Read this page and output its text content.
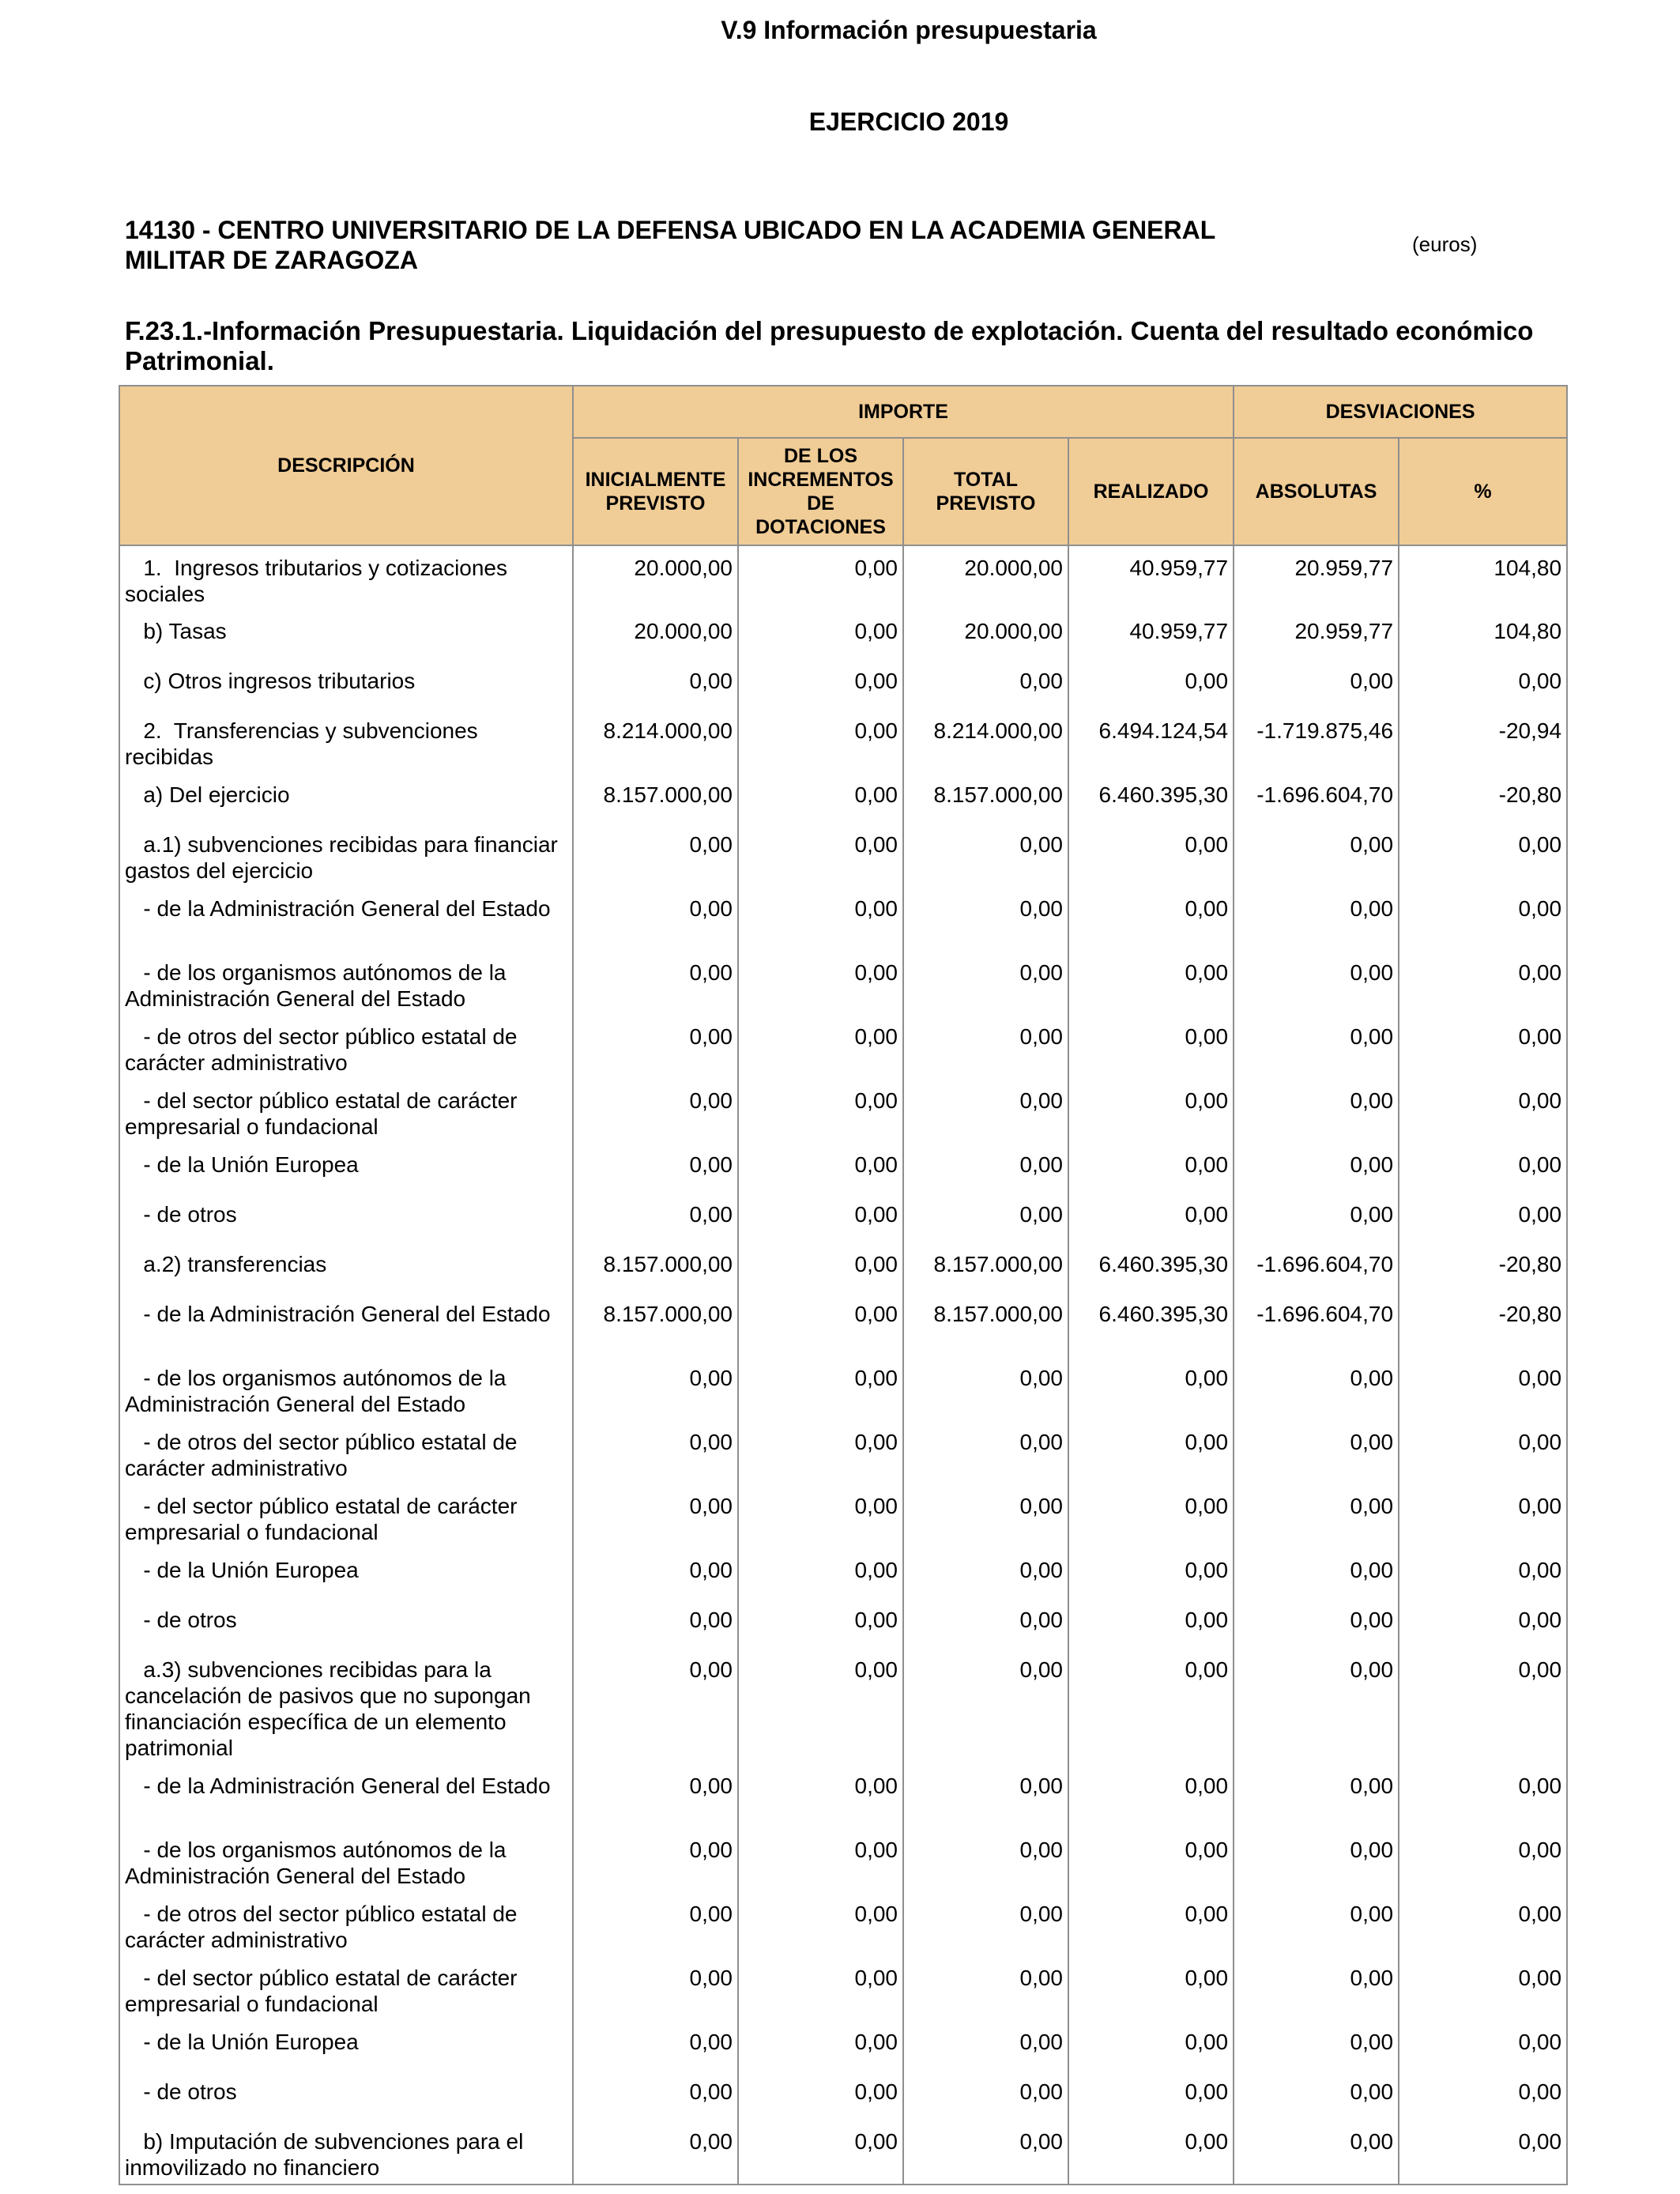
V.9 Información presupuestaria
EJERCICIO 2019
14130 - CENTRO UNIVERSITARIO DE LA DEFENSA UBICADO EN LA ACADEMIA GENERAL MILITAR DE ZARAGOZA
(euros)
F.23.1.-Información Presupuestaria. Liquidación del presupuesto de explotación. Cuenta del resultado económico Patrimonial.
DESCRIPCIÓN	IMPORTE				DESVIACIONES	
	INICIALMENTE PREVISTO	DE LOS INCREMENTOS DE DOTACIONES	TOTAL PREVISTO	REALIZADO	ABSOLUTAS	%
1.  Ingresos tributarios y cotizaciones sociales	20.000,00	0,00	20.000,00	40.959,77	20.959,77	104,80
b) Tasas	20.000,00	0,00	20.000,00	40.959,77	20.959,77	104,80
c) Otros ingresos tributarios	0,00	0,00	0,00	0,00	0,00	0,00
2.  Transferencias y subvenciones recibidas	8.214.000,00	0,00	8.214.000,00	6.494.124,54	-1.719.875,46	-20,94
a) Del ejercicio	8.157.000,00	0,00	8.157.000,00	6.460.395,30	-1.696.604,70	-20,80
a.1) subvenciones recibidas para financiar gastos del ejercicio	0,00	0,00	0,00	0,00	0,00	0,00
- de la Administración General del Estado	0,00	0,00	0,00	0,00	0,00	0,00
- de los organismos autónomos de la Administración General del Estado	0,00	0,00	0,00	0,00	0,00	0,00
- de otros del sector público estatal de carácter administrativo	0,00	0,00	0,00	0,00	0,00	0,00
- del sector público estatal de carácter empresarial o fundacional	0,00	0,00	0,00	0,00	0,00	0,00
- de la Unión Europea	0,00	0,00	0,00	0,00	0,00	0,00
- de otros	0,00	0,00	0,00	0,00	0,00	0,00
a.2) transferencias	8.157.000,00	0,00	8.157.000,00	6.460.395,30	-1.696.604,70	-20,80
- de la Administración General del Estado	8.157.000,00	0,00	8.157.000,00	6.460.395,30	-1.696.604,70	-20,80
- de los organismos autónomos de la Administración General del Estado	0,00	0,00	0,00	0,00	0,00	0,00
- de otros del sector público estatal de carácter administrativo	0,00	0,00	0,00	0,00	0,00	0,00
- del sector público estatal de carácter empresarial o fundacional	0,00	0,00	0,00	0,00	0,00	0,00
- de la Unión Europea	0,00	0,00	0,00	0,00	0,00	0,00
- de otros	0,00	0,00	0,00	0,00	0,00	0,00
a.3) subvenciones recibidas para la cancelación de pasivos que no supongan financiación específica de un elemento patrimonial	0,00	0,00	0,00	0,00	0,00	0,00
- de la Administración General del Estado	0,00	0,00	0,00	0,00	0,00	0,00
- de los organismos autónomos de la Administración General del Estado	0,00	0,00	0,00	0,00	0,00	0,00
- de otros del sector público estatal de carácter administrativo	0,00	0,00	0,00	0,00	0,00	0,00
- del sector público estatal de carácter empresarial o fundacional	0,00	0,00	0,00	0,00	0,00	0,00
- de la Unión Europea	0,00	0,00	0,00	0,00	0,00	0,00
- de otros	0,00	0,00	0,00	0,00	0,00	0,00
b) Imputación de subvenciones para el inmovilizado no financiero	0,00	0,00	0,00	0,00	0,00	0,00
